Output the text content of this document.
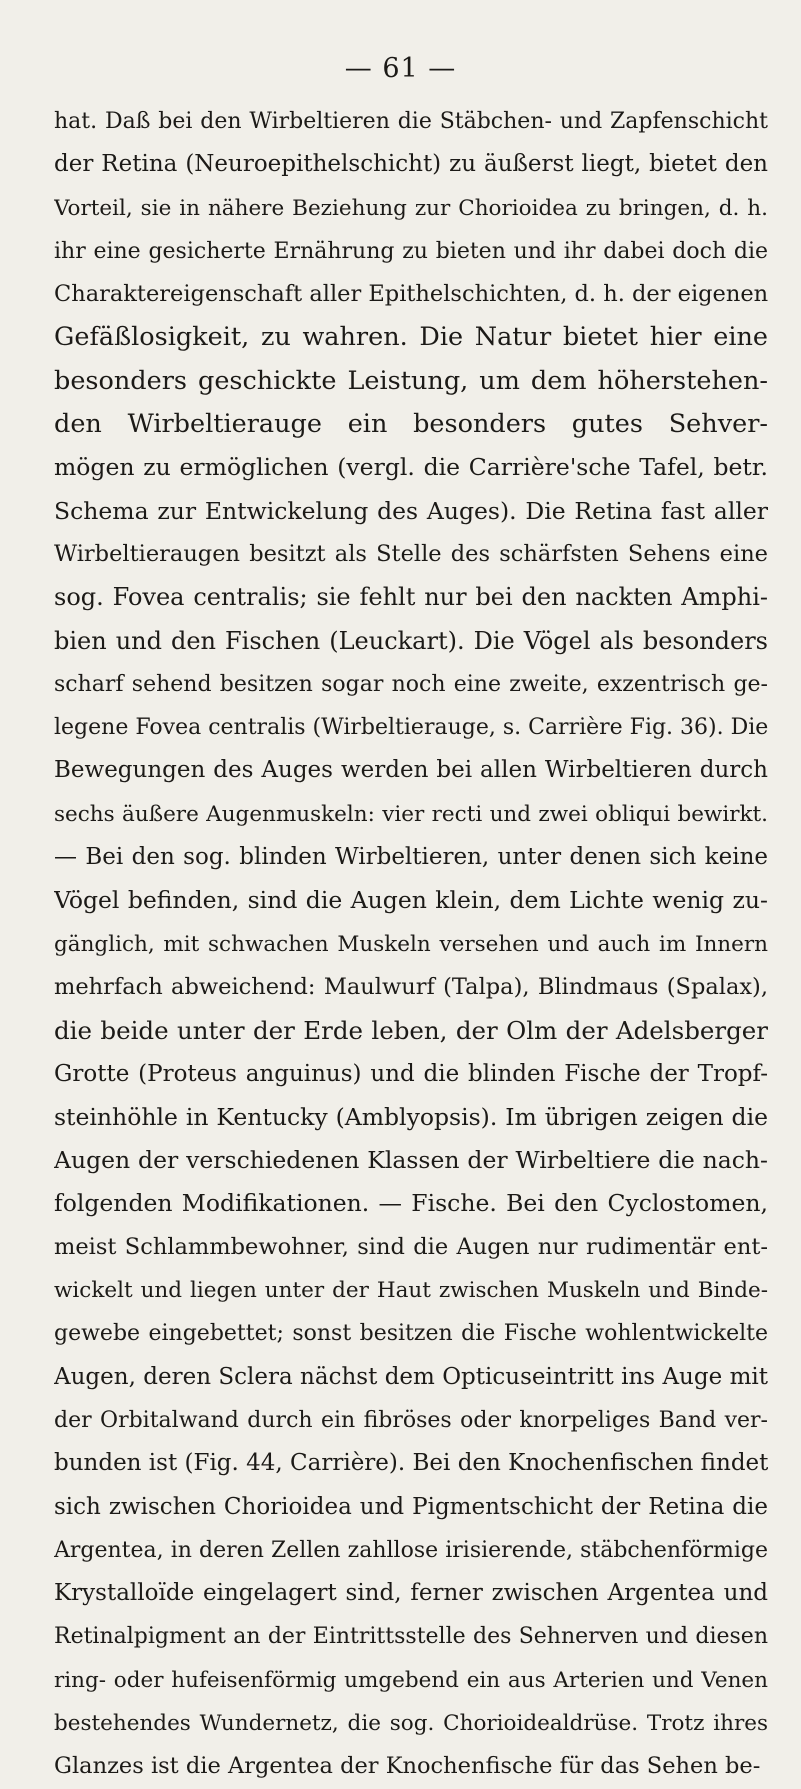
— 61 —
hat. Daß bei den Wirbeltieren die Stäbchen- und Zapfenschicht
der Retina (Neuroepithelschicht) zu äußerst liegt, bietet den
Vorteil, sie in nähere Beziehung zur Chorioidea zu bringen, d. h.
ihr eine gesicherte Ernährung zu bieten und ihr dabei doch die
Charaktereigenschaft aller Epithelschichten, d. h. der eigenen
Gefäßlosigkeit, zu wahren. Die Natur bietet hier eine
besonders geschickte Leistung, um dem höherstehen-
den Wirbeltierauge ein besonders gutes Sehver-
mögen zu ermöglichen (vergl. die Carrière'sche Tafel, betr.
Schema zur Entwickelung des Auges). Die Retina fast aller
Wirbeltieraugen besitzt als Stelle des schärfsten Sehens eine
sog. Fovea centralis; sie fehlt nur bei den nackten Amphi-
bien und den Fischen (Leuckart). Die Vögel als besonders
scharf sehend besitzen sogar noch eine zweite, exzentrisch ge-
legene Fovea centralis (Wirbeltierauge, s. Carrière Fig. 36). Die
Bewegungen des Auges werden bei allen Wirbeltieren durch
sechs äußere Augenmuskeln: vier recti und zwei obliqui bewirkt.
— Bei den sog. blinden Wirbeltieren, unter denen sich keine
Vögel befinden, sind die Augen klein, dem Lichte wenig zu-
gänglich, mit schwachen Muskeln versehen und auch im Innern
mehrfach abweichend: Maulwurf (Talpa), Blindmaus (Spalax),
die beide unter der Erde leben, der Olm der Adelsberger
Grotte (Proteus anguinus) und die blinden Fische der Tropf-
steinhöhle in Kentucky (Amblyopsis). Im übrigen zeigen die
Augen der verschiedenen Klassen der Wirbeltiere die nach-
folgenden Modifikationen. — Fische. Bei den Cyclostomen,
meist Schlammbewohner, sind die Augen nur rudimentär ent-
wickelt und liegen unter der Haut zwischen Muskeln und Binde-
gewebe eingebettet; sonst besitzen die Fische wohlentwickelte
Augen, deren Sclera nächst dem Opticuseintritt ins Auge mit
der Orbitalwand durch ein fibröses oder knorpeliges Band ver-
bunden ist (Fig. 44, Carrière). Bei den Knochenfischen findet
sich zwischen Chorioidea und Pigmentschicht der Retina die
Argentea, in deren Zellen zahllose irisierende, stäbchenförmige
Krystalloïde eingelagert sind, ferner zwischen Argentea und
Retinalpigment an der Eintrittsstelle des Sehnerven und diesen
ring- oder hufeisenförmig umgebend ein aus Arterien und Venen
bestehendes Wundernetz, die sog. Chorioidealdrüse. Trotz ihres
Glanzes ist die Argentea der Knochenfische für das Sehen be-
